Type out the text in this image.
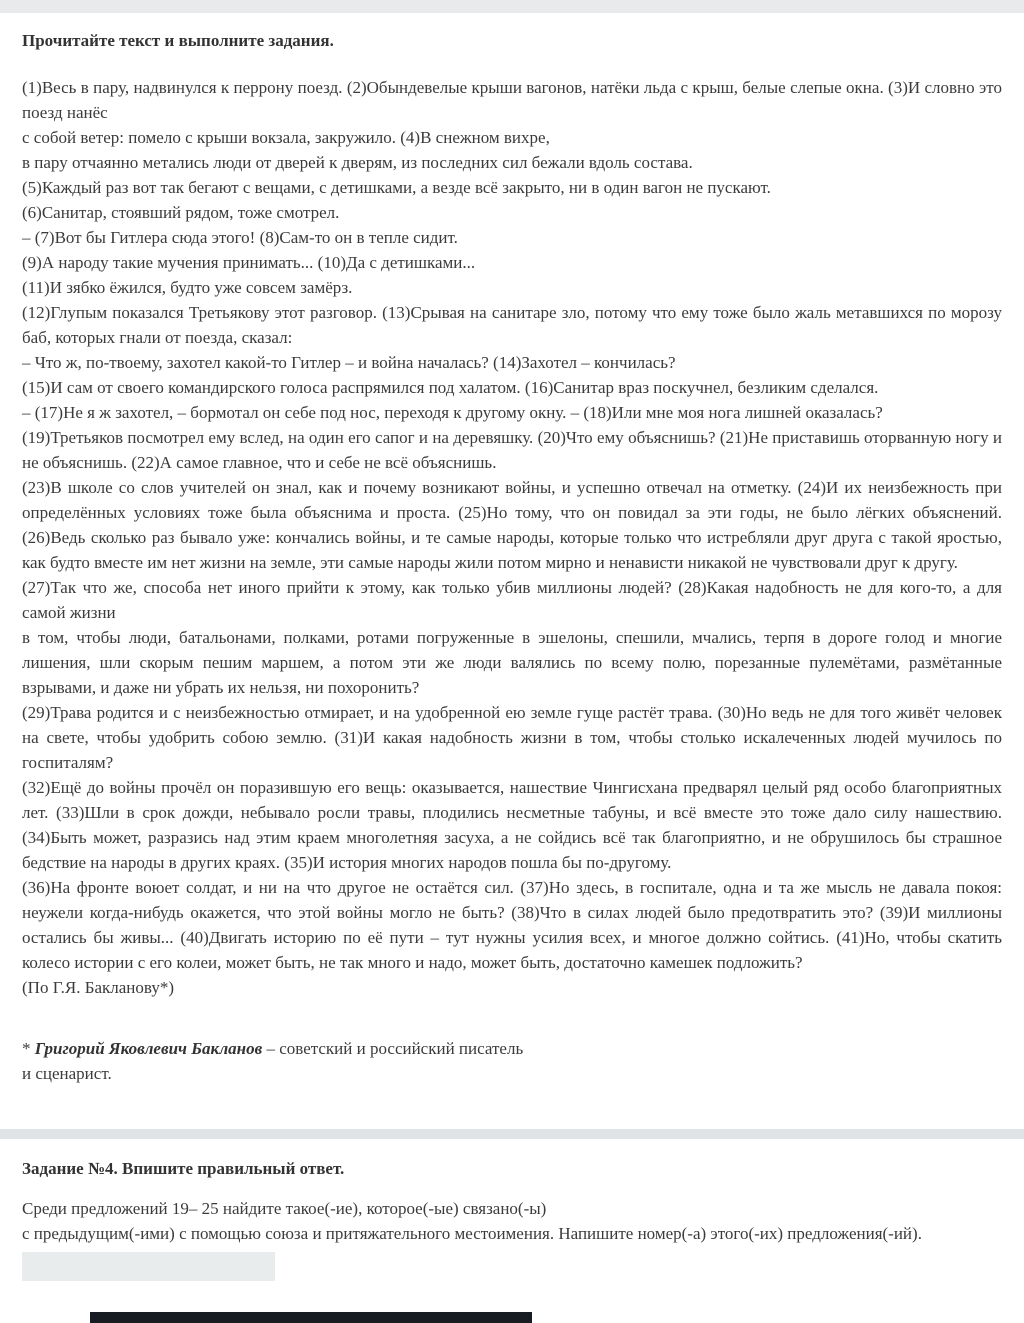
Прочитайте текст и выполните задания.

(1)Весь в пару, надвинулся к перрону поезд. (2)Обындевелые крыши вагонов, натёки льда с крыш, белые слепые окна. (3)И словно это поезд нанёс

с собой ветер: помело с крыши вокзала, закружило. (4)В снежном вихре,

в пару отчаянно метались люди от дверей к дверям, из последних сил бежали вдоль состава.

(5)Каждый раз вот так бегают с вещами, с детишками, а везде всё закрыто, ни в один вагон не пускают.

(6)Санитар, стоявший рядом, тоже смотрел.

– (7)Вот бы Гитлера сюда этого! (8)Сам-то он в тепле сидит.

(9)А народу такие мучения принимать... (10)Да с детишками...

(11)И зябко ёжился, будто уже совсем замёрз.

(12)Глупым показался Третьякову этот разговор. (13)Срывая на санитаре зло, потому что ему тоже было жаль метавшихся по морозу баб, которых гнали от поезда, сказал:

– Что ж, по-твоему, захотел какой-то Гитлер – и война началась? (14)Захотел – кончилась?

(15)И сам от своего командирского голоса распрямился под халатом. (16)Санитар враз поскучнел, безликим сделался.

– (17)Не я ж захотел, – бормотал он себе под нос, переходя к другому окну. – (18)Или мне моя нога лишней оказалась?

(19)Третьяков посмотрел ему вслед, на один его сапог и на деревяшку. (20)Что ему объяснишь? (21)Не приставишь оторванную ногу и не объяснишь. (22)А самое главное, что и себе не всё объяснишь.

(23)В школе со слов учителей он знал, как и почему возникают войны, и успешно отвечал на отметку. (24)И их неизбежность при определённых условиях тоже была объяснима и проста. (25)Но тому, что он повидал за эти годы, не было лёгких объяснений. (26)Ведь сколько раз бывало уже: кончались войны, и те самые народы, которые только что истребляли друг друга с такой яростью, как будто вместе им нет жизни на земле, эти самые народы жили потом мирно и ненависти никакой не чувствовали друг к другу.

(27)Так что же, способа нет иного прийти к этому, как только убив миллионы людей? (28)Какая надобность не для кого-то, а для самой жизни

в том, чтобы люди, батальонами, полками, ротами погруженные в эшелоны, спешили, мчались, терпя в дороге голод и многие лишения, шли скорым пешим маршем, а потом эти же люди валялись по всему полю, порезанные пулемётами, размётанные взрывами, и даже ни убрать их нельзя, ни похоронить?

(29)Трава родится и с неизбежностью отмирает, и на удобренной ею земле гуще растёт трава. (30)Но ведь не для того живёт человек на свете, чтобы удобрить собою землю. (31)И какая надобность жизни в том, чтобы столько искалеченных людей мучилось по госпиталям?

(32)Ещё до войны прочёл он поразившую его вещь: оказывается, нашествие Чингисхана предварял целый ряд особо благоприятных лет. (33)Шли в срок дожди, небывало росли травы, плодились несметные табуны, и всё вместе это тоже дало силу нашествию. (34)Быть может, разразись над этим краем многолетняя засуха, а не сойдись всё так благоприятно, и не обрушилось бы страшное бедствие на народы в других краях. (35)И история многих народов пошла бы по-другому.

(36)На фронте воюет солдат, и ни на что другое не остаётся сил. (37)Но здесь, в госпитале, одна и та же мысль не давала покоя: неужели когда-нибудь окажется, что этой войны могло не быть? (38)Что в силах людей было предотвратить это? (39)И миллионы остались бы живы... (40)Двигать историю по её пути – тут нужны усилия всех, и многое должно сойтись. (41)Но, чтобы скатить колесо истории с его колеи, может быть, не так много и надо, может быть, достаточно камешек подложить?

(По Г.Я. Бакланову*)

* Григорий Яковлевич Бакланов – советский и российский писатель
и сценарист.

Задание №4. Впишите правильный ответ.

Среди предложений 19– 25 найдите такое(-ие), которое(-ые) связано(-ы)
с предыдущим(-ими) с помощью союза и притяжательного местоимения. Напишите номер(-а) этого(-их) предложения(-ий).
